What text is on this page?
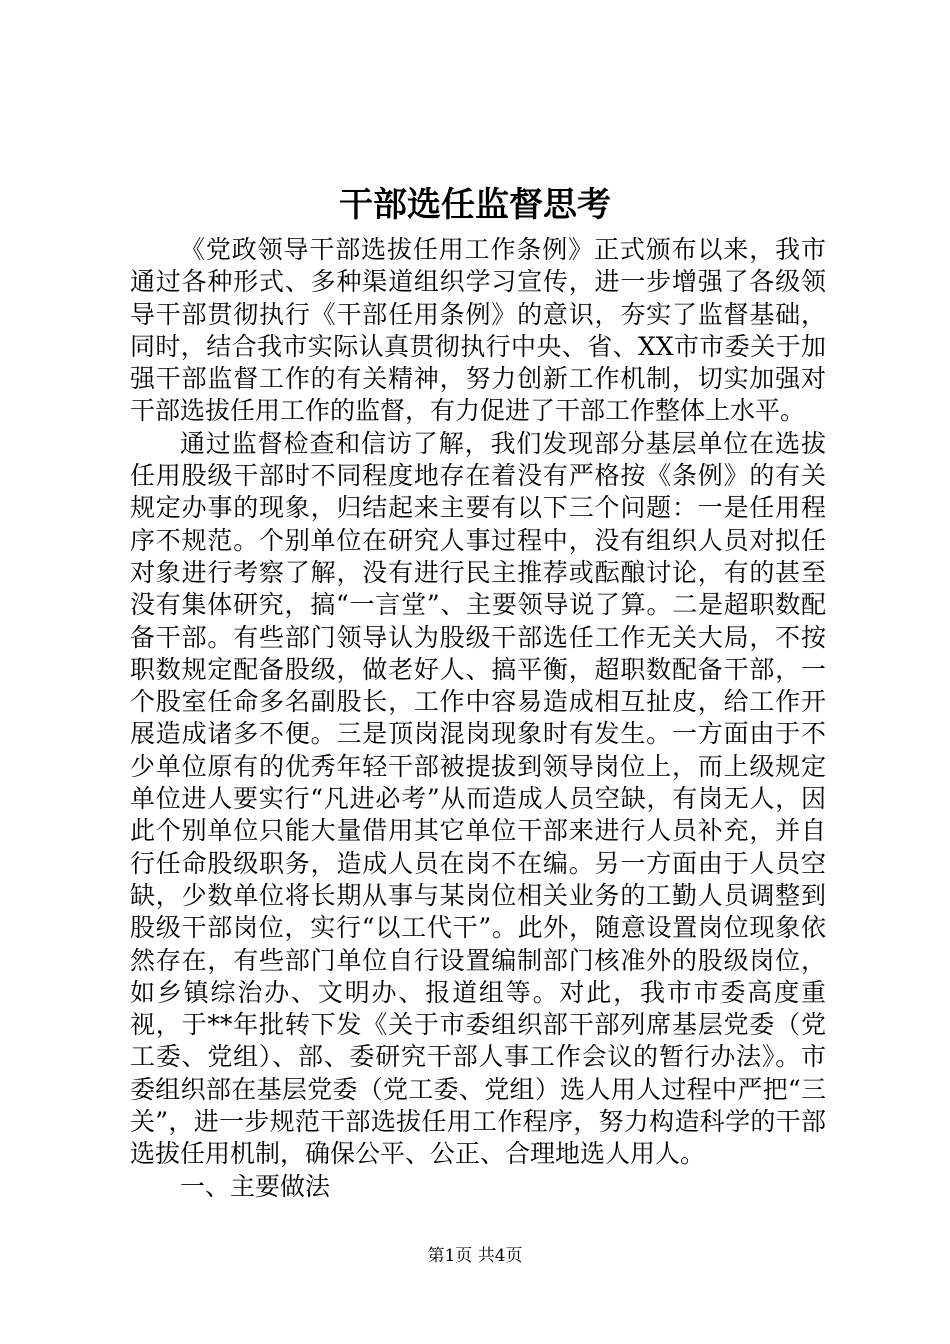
干部选任监督思考

《党政领导干部选拔任用工作条例》正式颁布以来，我市通过各种形式、多种渠道组织学习宣传，进一步增强了各级领导干部贯彻执行《干部任用条例》的意识，夯实了监督基础，同时，结合我市实际认真贯彻执行中央、省、XX市市委关于加强干部监督工作的有关精神，努力创新工作机制，切实加强对干部选拔任用工作的监督，有力促进了干部工作整体上水平。

通过监督检查和信访了解，我们发现部分基层单位在选拔任用股级干部时不同程度地存在着没有严格按《条例》的有关规定办事的现象，归结起来主要有以下三个问题：一是任用程序不规范。个别单位在研究人事过程中，没有组织人员对拟任对象进行考察了解，没有进行民主推荐或酝酿讨论，有的甚至没有集体研究，搞“一言堂”、主要领导说了算。二是超职数配备干部。有些部门领导认为股级干部选任工作无关大局，不按职数规定配备股级，做老好人、搞平衡，超职数配备干部，一个股室任命多名副股长，工作中容易造成相互扯皮，给工作开展造成诸多不便。三是顶岗混岗现象时有发生。一方面由于不少单位原有的优秀年轻干部被提拔到领导岗位上，而上级规定单位进人要实行“凡进必考”从而造成人员空缺，有岗无人，因此个别单位只能大量借用其它单位干部来进行人员补充，并自行任命股级职务，造成人员在岗不在编。另一方面由于人员空缺，少数单位将长期从事与某岗位相关业务的工勤人员调整到股级干部岗位，实行“以工代干”。此外，随意设置岗位现象依然存在，有些部门单位自行设置编制部门核准外的股级岗位，如乡镇综治办、文明办、报道组等。对此，我市市委高度重视，于**年批转下发《关于市委组织部干部列席基层党委（党工委、党组）、部、委研究干部人事工作会议的暂行办法》。市委组织部在基层党委（党工委、党组）选人用人过程中严把“三关”，进一步规范干部选拔任用工作程序，努力构造科学的干部选拔任用机制，确保公平、公正、合理地选人用人。

一、主要做法

第1页 共4页
